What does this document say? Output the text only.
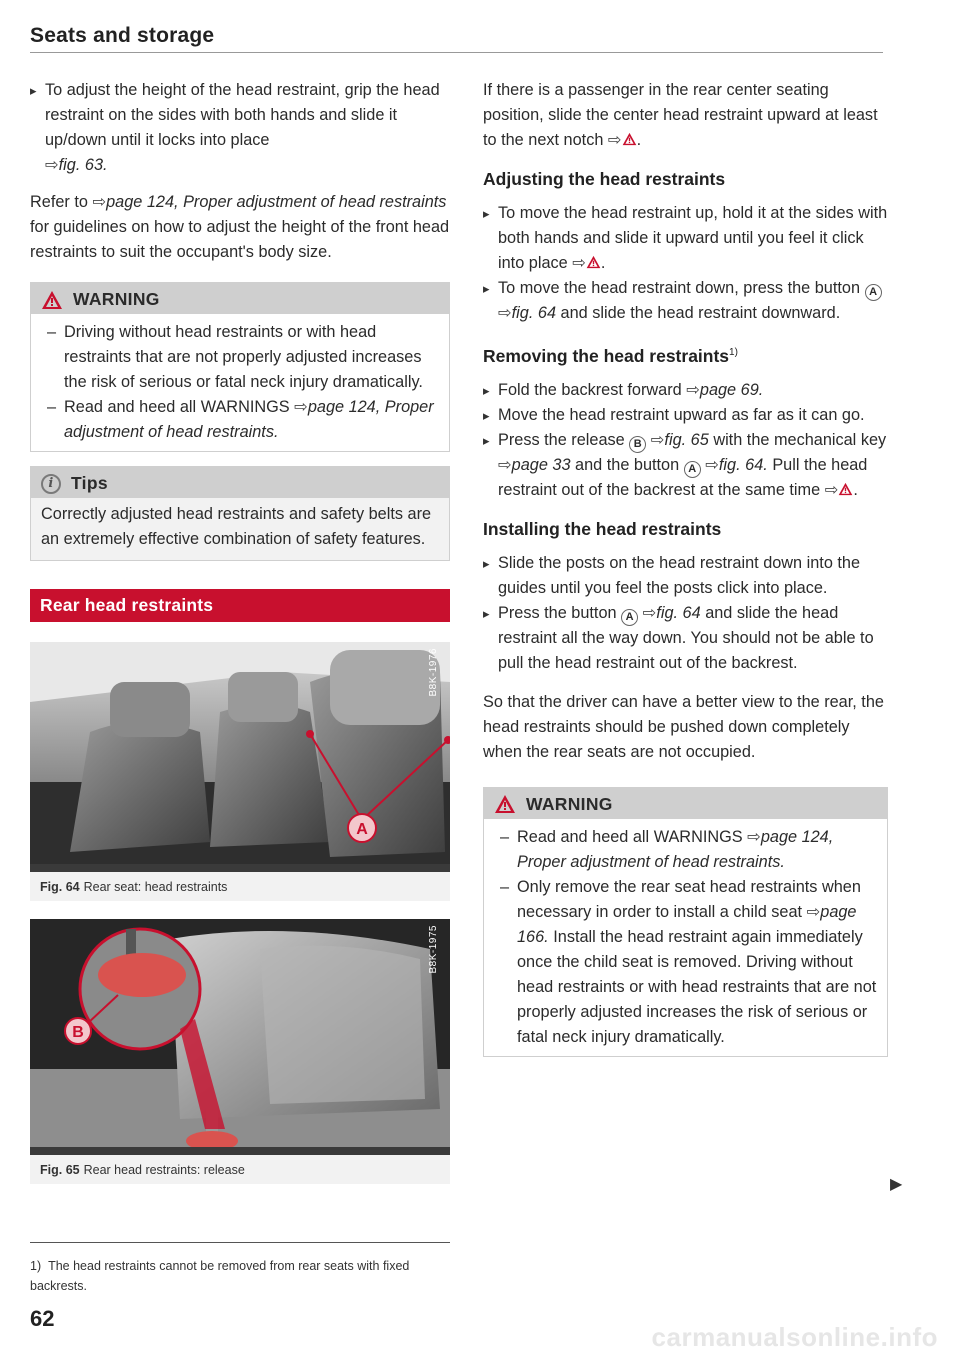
Seats and storage

▸ To adjust the height of the head restraint, grip the head restraint on the sides with both hands and slide it up/down until it locks into place
⇨fig. 63.

Refer to ⇨page 124, Proper adjustment of head restraints for guidelines on how to adjust the height of the front head restraints to suit the occupant's body size.

WARNING

– Driving without head restraints or with head restraints that are not properly adjusted increases the risk of serious or fatal neck injury dramatically.

– Read and heed all WARNINGS ⇨page 124, Proper adjustment of head restraints.

i Tips
Correctly adjusted head restraints and safety belts are an extremely effective combination of safety features.
Rear head restraints
A
B8K-1976
Fig. 64 Rear seat: head restraints
B
B8K-1975
Fig. 65 Rear head restraints: release

If there is a passenger in the rear center seating position, slide the center head restraint upward at least to the next notch ⇨ .

Adjusting the head restraints

▸ To move the head restraint up, hold it at the sides with both hands and slide it upward until you feel it click into place ⇨ .

▸ To move the head restraint down, press the button A ⇨fig. 64 and slide the head restraint downward.

Removing the head restraints$^{1)}$

▸ Fold the backrest forward ⇨page 69.

▸ Move the head restraint upward as far as it can go.

▸ Press the release B ⇨fig. 65 with the mechanical key ⇨page 33 and the button A ⇨fig. 64. Pull the head restraint out of the backrest at the same time ⇨ .

Installing the head restraints

▸ Slide the posts on the head restraint down into the guides until you feel the posts click into place.

▸ Press the button A ⇨fig. 64 and slide the head restraint all the way down. You should not be able to pull the head restraint out of the backrest.

So that the driver can have a better view to the rear, the head restraints should be pushed down completely when the rear seats are not occupied.

WARNING

– Read and heed all WARNINGS ⇨page 124, Proper adjustment of head restraints.

– Only remove the rear seat head restraints when necessary in order to install a child seat ⇨page 166. Install the head restraint again immediately once the child seat is removed. Driving without head restraints or with head restraints that are not properly adjusted increases the risk of serious or fatal neck injury dramatically.

▶
1) The head restraints cannot be removed from rear seats with fixed backrests.
62
carmanualsonline.info
